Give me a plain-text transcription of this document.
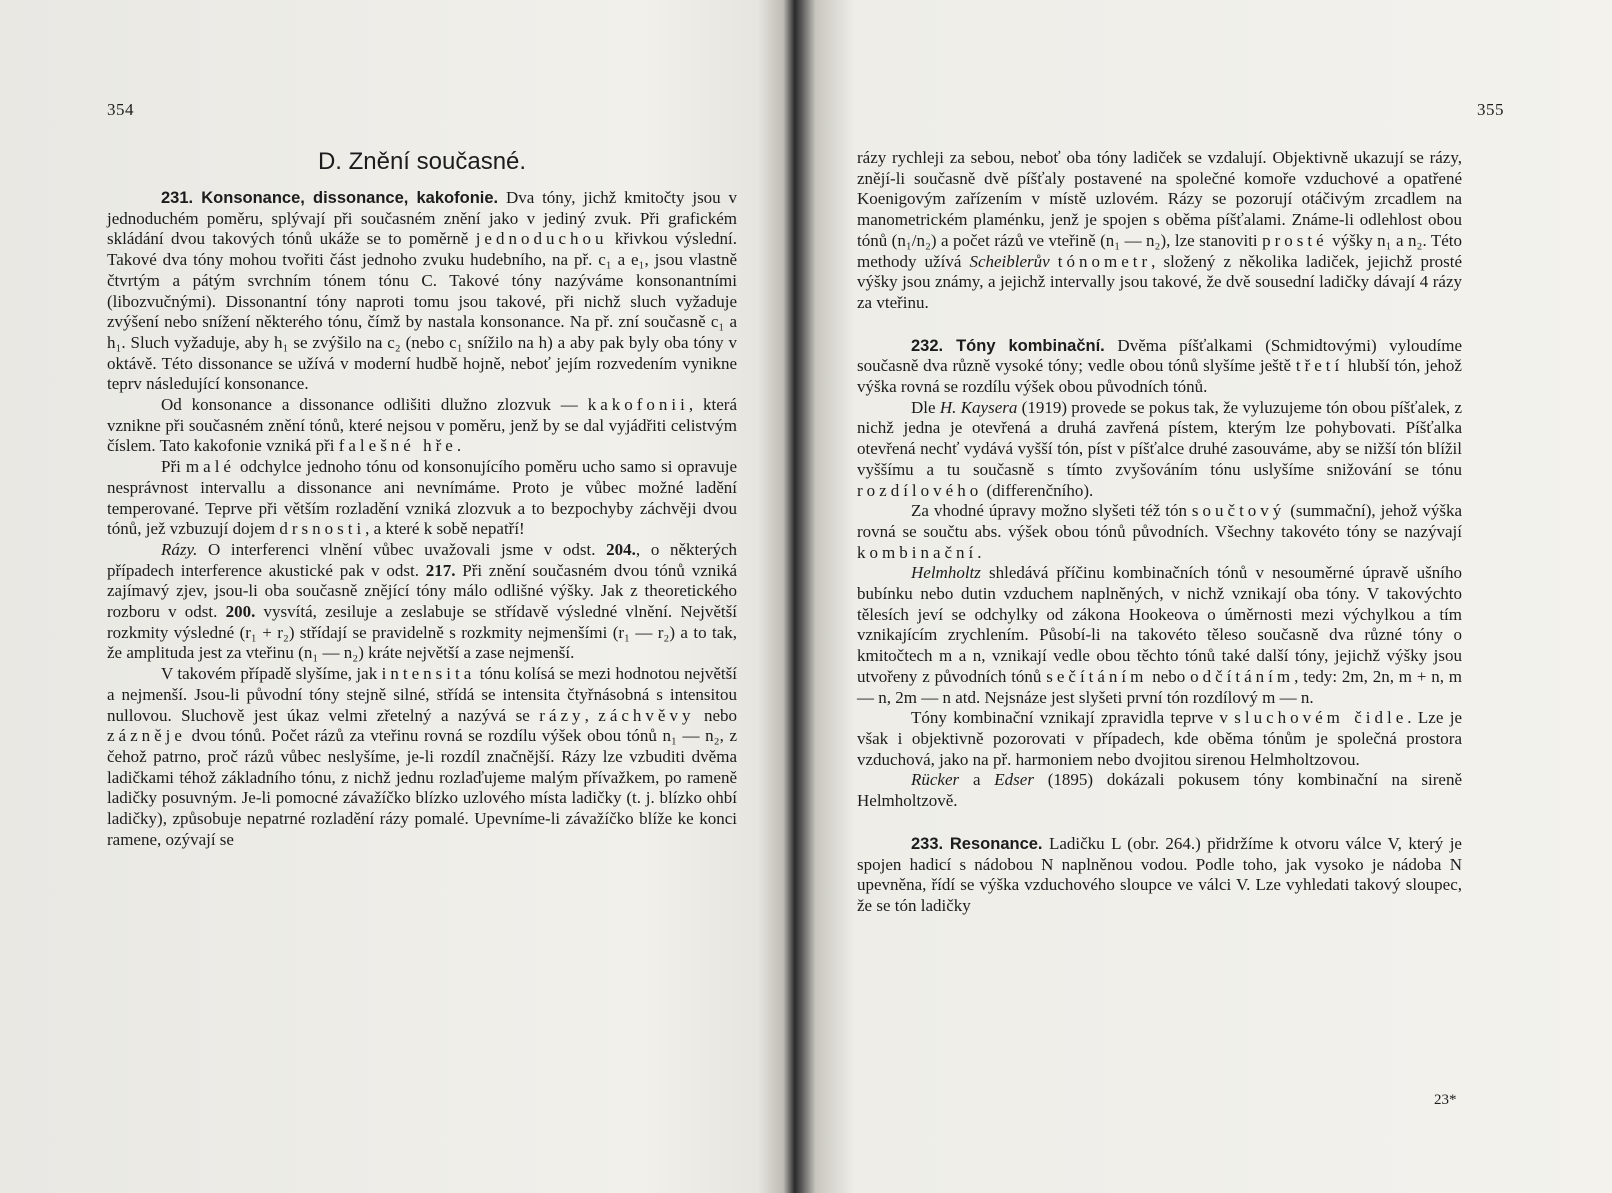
354
D. Znění současné.

231. Konsonance, dissonance, kakofonie. Dva tóny, jichž kmitočty jsou v jednoduchém poměru, splývají při současném znění jako v jediný zvuk. Při grafickém skládání dvou takových tónů ukáže se to poměrně jednoduchou křivkou výslední. Takové dva tóny mohou tvořiti část jednoho zvuku hudebního, na př. c₁ a e₁, jsou vlastně čtvrtým a pátým svrchním tónem tónu C. Takové tóny nazýváme konsonantními (libozvučnými). Dissonantní tóny naproti tomu jsou takové, při nichž sluch vyžaduje zvýšení nebo snížení některého tónu, čímž by nastala konsonance. Na př. zní současně c₁ a h₁. Sluch vyžaduje, aby h₁ se zvýšilo na c₂ (nebo c₁ snížilo na h) a aby pak byly oba tóny v oktávě. Této dissonance se užívá v moderní hudbě hojně, neboť jejím rozvedením vynikne teprv následující konsonance.

Od konsonance a dissonance odlišiti dlužno zlozvuk — kakofonii, která vznikne při současném znění tónů, které nejsou v poměru, jenž by se dal vyjádřiti celistvým číslem. Tato kakofonie vzniká při falešné hře.

Při malé odchylce jednoho tónu od konsonujícího poměru ucho samo si opravuje nesprávnost intervallu a dissonance ani nevnímáme. Proto je vůbec možné ladění temperované. Teprve při větším rozladění vzniká zlozvuk a to bezpochyby záchvěji dvou tónů, jež vzbuzují dojem drsnosti, a které k sobě nepatří!

Rázy. O interferenci vlnění vůbec uvažovali jsme v odst. 204., o některých případech interference akustické pak v odst. 217. Při znění současném dvou tónů vzniká zajímavý zjev, jsou-li oba současně znějící tóny málo odlišné výšky. Jak z theoretického rozboru v odst. 200. vysvítá, zesiluje a zeslabuje se střídavě výsledné vlnění. Největší rozkmity výsledné (r₁ + r₂) střídají se pravidelně s rozkmity nejmenšími (r₁ — r₂) a to tak, že amplituda jest za vteřinu (n₁ — n₂) kráte největší a zase nejmenší.

V takovém případě slyšíme, jak intensita tónu kolísá se mezi hodnotou největší a nejmenší. Jsou-li původní tóny stejně silné, střídá se intensita čtyřnásobná s intensitou nullovou. Sluchově jest úkaz velmi zřetelný a nazývá se rázy, záchvěvy nebo zázněje dvou tónů. Počet rázů za vteřinu rovná se rozdílu výšek obou tónů n₁ — n₂, z čehož patrno, proč rázů vůbec neslyšíme, je-li rozdíl značnější. Rázy lze vzbuditi dvěma ladičkami téhož základního tónu, z nichž jednu rozlaďujeme malým přívažkem, po rameně ladičky posuvným. Je-li pomocné závažíčko blízko uzlového místa ladičky (t. j. blízko ohbí ladičky), způsobuje nepatrné rozladění rázy pomalé. Upevníme-li závažíčko blíže ke konci ramene, ozývají se

355

rázy rychleji za sebou, neboť oba tóny ladiček se vzdalují. Objektivně ukazují se rázy, znějí-li současně dvě píšťaly postavené na společné komoře vzduchové a opatřené Koenigovým zařízením v místě uzlovém. Rázy se pozorují otáčivým zrcadlem na manometrickém plaménku, jenž je spojen s oběma píšťalami. Známe-li odlehlost obou tónů (n₁/n₂) a počet rázů ve vteřině (n₁ — n₂), lze stanoviti prosté výšky n₁ a n₂. Této methody užívá Scheiblerův tónometr, složený z několika ladiček, jejichž prosté výšky jsou známy, a jejichž intervally jsou takové, že dvě sousední ladičky dávají 4 rázy za vteřinu.

232. Tóny kombinační. Dvěma píšťalkami (Schmidtovými) vyloudíme současně dva různě vysoké tóny; vedle obou tónů slyšíme ještě třetí hlubší tón, jehož výška rovná se rozdílu výšek obou původních tónů.

Dle H. Kaysera (1919) provede se pokus tak, že vyluzujeme tón obou píšťalek, z nichž jedna je otevřená a druhá zavřená pístem, kterým lze pohybovati. Píšťalka otevřená nechť vydává vyšší tón, píst v píšťalce druhé zasouváme, aby se nižší tón blížil vyššímu a tu současně s tímto zvyšováním tónu uslyšíme snižování se tónu rozdílového (differenčního).

Za vhodné úpravy možno slyšeti též tón součtový (summační), jehož výška rovná se součtu abs. výšek obou tónů původních. Všechny takovéto tóny se nazývají kombinační.

Helmholtz shledává příčinu kombinačních tónů v nesouměrné úpravě ušního bubínku nebo dutin vzduchem naplněných, v nichž vznikají oba tóny. V takovýchto tělesích jeví se odchylky od zákona Hookeova o úměrnosti mezi výchylkou a tím vznikajícím zrychlením. Působí-li na takovéto těleso současně dva různé tóny o kmitočtech m a n, vznikají vedle obou těchto tónů také další tóny, jejichž výšky jsou utvořeny z původních tónů sečítáním nebo odčítáním, tedy: 2m, 2n, m + n, m — n, 2m — n atd. Nejsnáze jest slyšeti první tón rozdílový m — n.

Tóny kombinační vznikají zpravidla teprve v sluchovém čidle. Lze je však i objektivně pozorovati v případech, kde oběma tónům je společná prostora vzduchová, jako na př. harmoniem nebo dvojitou sirenou Helmholtzovou.

Rücker a Edser (1895) dokázali pokusem tóny kombinační na sireně Helmholtzově.

233. Resonance. Ladičku L (obr. 264.) přidržíme k otvoru válce V, který je spojen hadicí s nádobou N naplněnou vodou. Podle toho, jak vysoko je nádoba N upevněna, řídí se výška vzduchového sloupce ve válci V. Lze vyhledati takový sloupec, že se tón ladičky

23*
